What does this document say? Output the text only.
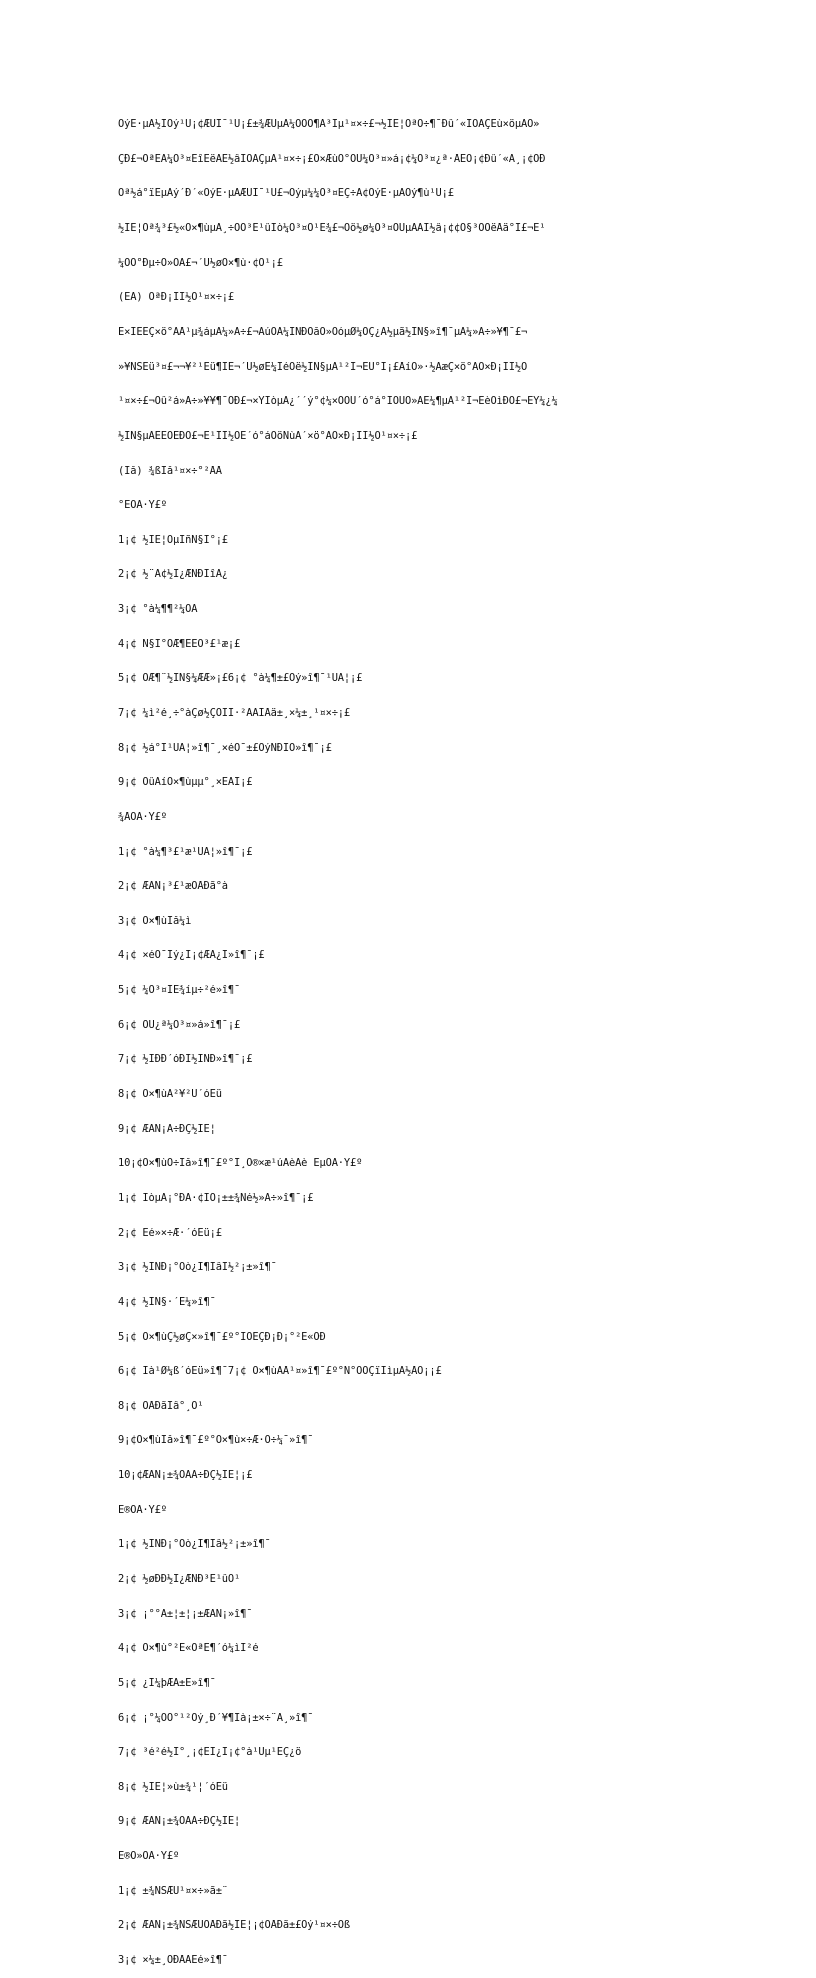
ÕýÈ·µÄ½ÌÓý¹Û¡¢ÆÙÍ¯¹Û¡£±¾ÆÚµÄ¼ÒÒÔ¶Á³Ïµ¹¤×÷£¬½ÌÊ¦ÒªÖ÷¶¯Ðû´«ÎÒÃÇËù×öµÄÒ»

ÇÐ£¬ÒªÈÃ¼Ò³¤ÉîÈëÁË½âÎÒÃÇµÄ¹¤×÷¡£Ó×ÆùÔ°ÕÛ¼Ò³¤»á¡¢¼Ò³¤¿ª·ÅÈÕ¡¢Ðû´«À¸¡¢ÒÐ

Òª½á°ïÈµÄý´Ð´«ÕýÈ·µÄÆÙÍ¯¹Û£¬Òýµ¼¼Ò³¤ÊÇ÷Á¢ÕýÈ·µÄÓý¶ù¹Û¡£

½ÌÊ¦Òª¾³£½«Ó×¶ùµÄ¸÷ÖÖ³É¹ûÍò¼Ò³¤Õ¹Ê¾£¬Ôö½ø¼Ò³¤ÔÚµÄÀÌ½â¡¢¢Ö§³ÖÓëÅä°Ï£¬Ê¹

¼ÒÔ°Ðµ÷Ò»ÖÂ£¬´Ù½øÓ×¶ù·¢Õ¹¡£

(ÈÂ) ÒªÐ¡ÏÎ½Ó¹¤×÷¡£

Ê×ÏÈÈÇ×ö°ÃÅ¹µ¾áµÄ¼»Á÷£¬ÀúÓÃ¼ÌÑÐÕåÒ»ÕóµØ¼ÓÇ¿Á½µã½ÌÑ§»î¶¯µÄ¼»Á÷»¥¶¯£¬

»¥ÑSÈü³¤£¬¬¥²¹Èü¶ÌÉ¬´Ù½øÉ¼ÏéÓë½ÌÑ§µÄ¹²Í¬ÊÚ°Ï¡£ÅíÒ»·½ÃæÇ×ö°ÃÓ×Ð¡ÏÎ½Ó

¹¤×÷£¬Õû²á»Á÷»¥¥¶¯ÖÐ£¬×ÝÏòµÄ¿´´ý°¢¼×ÓÓÛ´ó°á°ÍÔÛÒ»ÂÉ¼¶µÄ¹²Í¬ÉèÒìÐÔ£¬ËŸ¼¿¼

½ÌÑ§µÄÊÊÒËÐÔ£¬Ê¹ÏÎ½ÓÊ´ó°áÔöÑùÀ´×ö°ÃÓ×Ð¡ÏÎ½Ó¹¤×÷¡£

(Îå) ¾ßÌå¹¤×÷°²ÅÅ

°ËÔÂ·Ý£º

1¡¢ ½ÌÊ¦ÕµÎñÑ§Ï°¡£

2¡¢ ½¨Á¢½Ì¿ÆÑÐÏîÄ¿

3¡¢ °à¼¶¶²¼ÖÃ

4¡¢ Ñ§Ï°ÖÆ¶ÈÊÓ³£¹æ¡£

5¡¢ ÖÆ¶¨½ÌÑ§¼ÆÆ»¡£6¡¢ °à¼¶±£Óý»î¶¯¹ÛÀ¦¡£

7¡¢ ¼ì²é¸÷°àÇø½ÇÓÎÏ·²ÄÁÏÅä±¸×¼±¸¹¤×÷¡£

8¡¢ ½á°Ï¹ÛÀ¦»î¶¯¸×éÖ¯±£ÓýÑÐÌÖ»î¶¯¡£

9¡¢ ÕûÀíÓ×¶ùµµ°¸×ÊÁÏ¡£

¾ÅÔÂ·Ý£º

1¡¢ °à¼¶³£¹æ¹ÛÀ¦»î¶¯¡£

2¡¢ ÆÀÑ¡³£¹æÓÅÐã°à

3¡¢ Ó×¶ùÌå¼ì

4¡¢ ×éÖ¯Ìý¿Î¡¢ÆÀ¿Î»î¶¯¡£

5¡¢ ¼Ò³¤ÎÊ¾íµ÷²é»î¶¯

6¡¢ ÕÙ¿ª¼Ò³¤»á»î¶¯¡£

7¡¢ ½ÌÐÐ´óÐÍ½ÌÑÐ»î¶¯¡£

8¡¢ Ó×¶ùÃ²¥²Ù´óÈü

9¡¢ ÆÀÑ¡Ã÷ÐÇ½ÌÊ¦

10¡¢Ó×¶ùÔ÷Ìå»î¶¯£º°Î¸Ò®×æ¹úÂèÂè ÊµÔÂ·Ý£º

1¡¢ ÍòµÄ¡°ÐÂ·¢ÏÖ¡±±¾Ñé½»Á÷»î¶¯¡£

2¡¢ Êé»×÷Æ·´óÈü¡£

3¡¢ ½ÌÑÐ¡°Òò¿Î¶ÌâÌ½²¡±»î¶¯

4¡¢ ½ÌÑ§·´Ë¼»î¶¯

5¡¢ Ó×¶ùÇ½øÇ×»î¶¯£º°ÎÒÈÇÐ¡Ð¡°²È«ÖÐ

6¡¢ Ïà¹Ø¼ß´óÈü»î¶¯7¡¢ Ó×¶ùÃÅ¹¤»î¶¯£º°Ñ°ÕÒÇïÌìµÄ½ÅÓ¡¡£

8¡¢ ÓÅÐãÌâ°¸Õ¹

9¡¢Ó×¶ùÌå»î¶¯£º°Ó×¶ù×÷Æ·Õ÷¼¯»î¶¯

10¡¢ÆÀÑ¡±¾ÔÂÃ÷ÐÇ½ÌÊ¦¡£

Ê®ÔÂ·Ý£º

1¡¢ ½ÌÑÐ¡°Òò¿Î¶Ìâ½²¡±»î¶¯

2¡¢ ½øÐÐ½Ì¿ÆÑÐ³É¹ûÕ¹

3¡¢ ¡°°Ã±¦±¦¡±ÆÀÑ¡»î¶¯

4¡¢ Ó×¶ù°²È«ÖªÊ¶´ó¼ìÍ²é

5¡¢ ¿Î¼þÆÀ±È»î¶¯

6¡¢ ¡°¼ÒÔ°¹²Óý¸Ð´¥¶Ìà¡±×÷¨À¸»î¶¯

7¡¢ ³é²é½Ì°¸¡¢ÊÏ¿Î¡¢°à¹Ùµ¹ÈÇ¿ö

8¡¢ ½ÌÊ¦»ù±¾¹¦´óÈü

9¡¢ ÆÀÑ¡±¾ÔÂÃ÷ÐÇ½ÌÊ¦

Ê®Ò»ÔÂ·Ý£º

1¡¢ ±¾ÑSÆÚ¹¤×÷»ã±¨

2¡¢ ÆÀÑ¡±¾ÑSÆÚÓÅÐã½ÌÊ¦¡¢ÓÅÐã±£Óý¹¤×÷Õß

3¡¢ ×¼±¸ÓÐÅÄÊé»î¶¯
